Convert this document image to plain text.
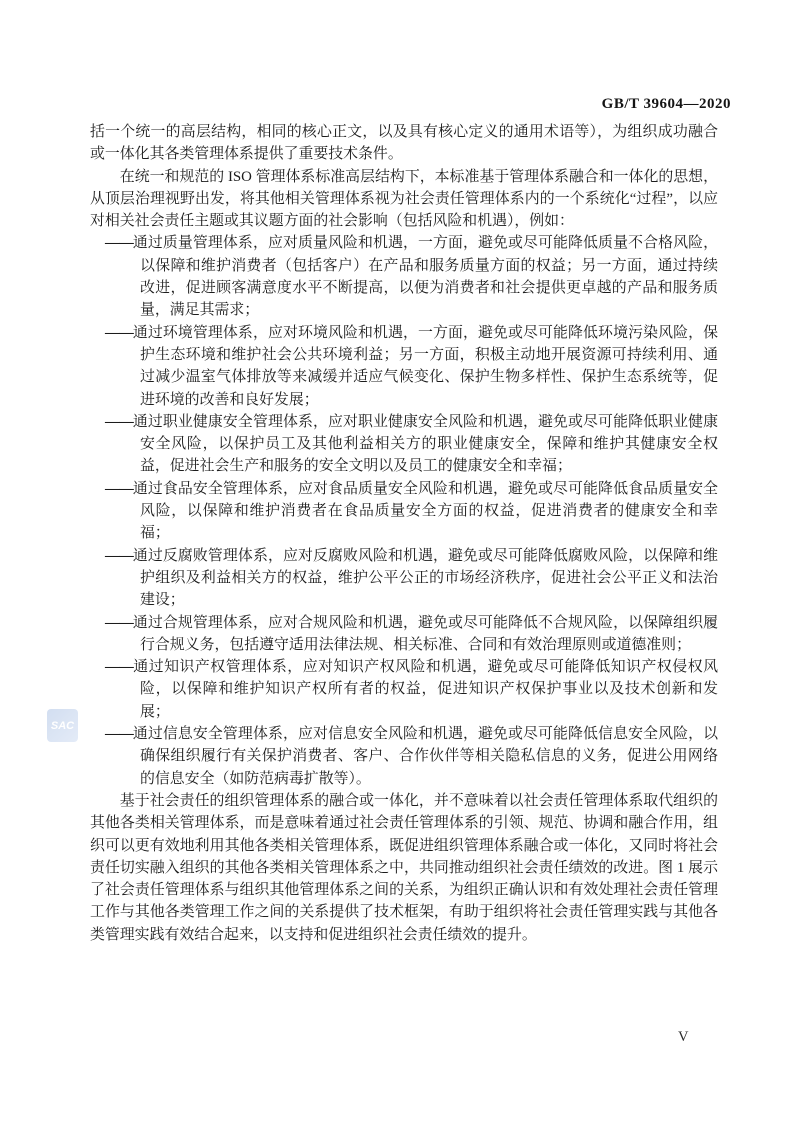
GB/T 39604—2020
SAC

括一个统一的高层结构，相同的核心正文，以及具有核心定义的通用术语等），为组织成功融合或一体化其各类管理体系提供了重要技术条件。

在统一和规范的 ISO 管理体系标准高层结构下，本标准基于管理体系融合和一体化的思想，从顶层治理视野出发，将其他相关管理体系视为社会责任管理体系内的一个系统化“过程”，以应对相关社会责任主题或其议题方面的社会影响（包括风险和机遇），例如：

——通过质量管理体系，应对质量风险和机遇，一方面，避免或尽可能降低质量不合格风险，以保障和维护消费者（包括客户）在产品和服务质量方面的权益；另一方面，通过持续改进，促进顾客满意度水平不断提高，以便为消费者和社会提供更卓越的产品和服务质量，满足其需求；

——通过环境管理体系，应对环境风险和机遇，一方面，避免或尽可能降低环境污染风险，保护生态环境和维护社会公共环境利益；另一方面，积极主动地开展资源可持续利用、通过减少温室气体排放等来减缓并适应气候变化、保护生物多样性、保护生态系统等，促进环境的改善和良好发展；

——通过职业健康安全管理体系，应对职业健康安全风险和机遇，避免或尽可能降低职业健康安全风险，以保护员工及其他利益相关方的职业健康安全，保障和维护其健康安全权益，促进社会生产和服务的安全文明以及员工的健康安全和幸福；

——通过食品安全管理体系，应对食品质量安全风险和机遇，避免或尽可能降低食品质量安全风险，以保障和维护消费者在食品质量安全方面的权益，促进消费者的健康安全和幸福；

——通过反腐败管理体系，应对反腐败风险和机遇，避免或尽可能降低腐败风险，以保障和维护组织及利益相关方的权益，维护公平公正的市场经济秩序，促进社会公平正义和法治建设；

——通过合规管理体系，应对合规风险和机遇，避免或尽可能降低不合规风险，以保障组织履行合规义务，包括遵守适用法律法规、相关标准、合同和有效治理原则或道德准则；

——通过知识产权管理体系，应对知识产权风险和机遇，避免或尽可能降低知识产权侵权风险，以保障和维护知识产权所有者的权益，促进知识产权保护事业以及技术创新和发展；

——通过信息安全管理体系，应对信息安全风险和机遇，避免或尽可能降低信息安全风险，以确保组织履行有关保护消费者、客户、合作伙伴等相关隐私信息的义务，促进公用网络的信息安全（如防范病毒扩散等）。

基于社会责任的组织管理体系的融合或一体化，并不意味着以社会责任管理体系取代组织的其他各类相关管理体系，而是意味着通过社会责任管理体系的引领、规范、协调和融合作用，组织可以更有效地利用其他各类相关管理体系，既促进组织管理体系融合或一体化，又同时将社会责任切实融入组织的其他各类相关管理体系之中，共同推动组织社会责任绩效的改进。图 1 展示了社会责任管理体系与组织其他管理体系之间的关系，为组织正确认识和有效处理社会责任管理工作与其他各类管理工作之间的关系提供了技术框架，有助于组织将社会责任管理实践与其他各类管理实践有效结合起来，以支持和促进组织社会责任绩效的提升。

V
